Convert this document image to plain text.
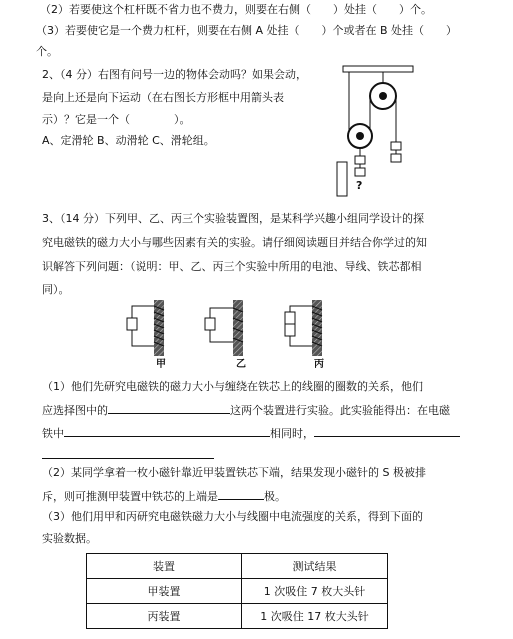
（2）若要使这个杠杆既不省力也不费力，则要在右侧（　　）处挂（　　）个。
（3）若要使它是一个费力杠杆，则要在右侧 A 处挂（　　）个或者在 B 处挂（　　）
个。
2、（4 分）右图有问号一边的物体会动吗？如果会动，
是向上还是向下运动（在右图长方形框中用箭头表
示）？它是一个（　　　　）。
A、定滑轮 B、动滑轮 C、滑轮组。
?
3、（14 分）下列甲、乙、丙三个实验装置图，是某科学兴趣小组同学设计的探
究电磁铁的磁力大小与哪些因素有关的实验。请仔细阅读题目并结合你学过的知
识解答下列问题：（说明：甲、乙、丙三个实验中所用的电池、导线、铁芯都相
同）。
甲	乙	丙
（1）他们先研究电磁铁的磁力大小与缠绕在铁芯上的线圈的圈数的关系，他们
应选择图中的	这两个装置进行实验。此实验能得出：在电磁
铁中	相同时，
（2）某同学拿着一枚小磁针靠近甲装置铁芯下端，结果发现小磁针的 S 极被排
斥，则可推测甲装置中铁芯的上端是	极。
（3）他们用甲和丙研究电磁铁磁力大小与线圈中电流强度的关系，得到下面的
实验数据。
装置	测试结果
甲装置	1 次吸住 7 枚大头针
丙装置	1 次吸住 17 枚大头针
